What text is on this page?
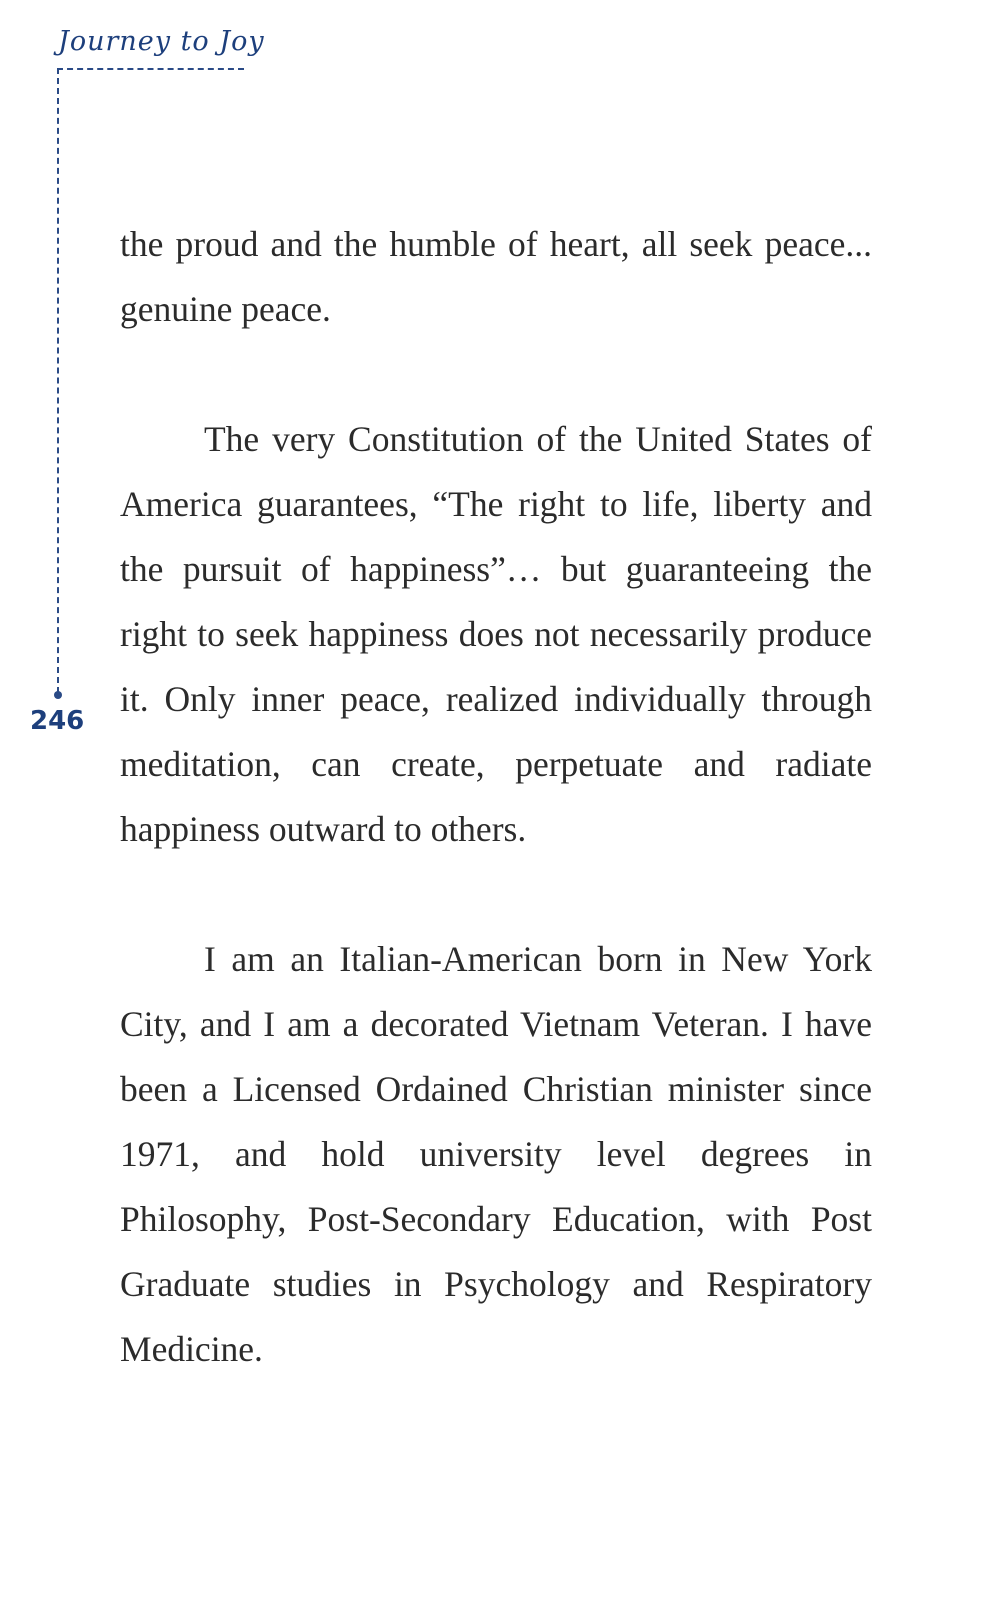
Journey to Joy
246

the proud and the humble of heart, all seek peace... genuine peace.

The very Constitution of the United States of America guarantees, “The right to life, liberty and the pursuit of happiness”… but guaranteeing the right to seek happiness does not necessarily produce it. Only inner peace, realized individually through meditation, can create, perpetuate and radiate happiness outward to others.

I am an Italian-American born in New York City, and I am a decorated Vietnam Veteran. I have been a Licensed Ordained Christian minister since 1971, and hold university level degrees in Philosophy, Post-Secondary Education, with Post Graduate studies in Psychology and Respiratory Medicine.
